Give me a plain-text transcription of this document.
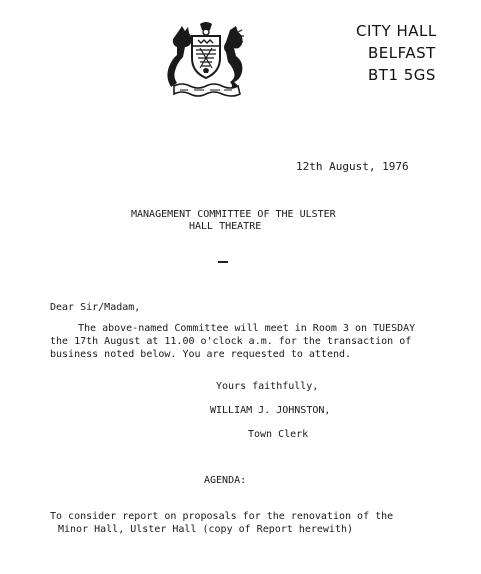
CITY HALL
BELFAST
BT1 5GS
12th August, 1976
MANAGEMENT COMMITTEE OF THE ULSTER
HALL THEATRE
Dear Sir/Madam,
The above-named Committee will meet in Room 3 on TUESDAY
the 17th August at 11.00 o'clock a.m. for the transaction of
business noted below. You are requested to attend.
Yours faithfully,
WILLIAM J. JOHNSTON,
Town Clerk
AGENDA:
To consider report on proposals for the renovation of the
Minor Hall, Ulster Hall (copy of Report herewith)
